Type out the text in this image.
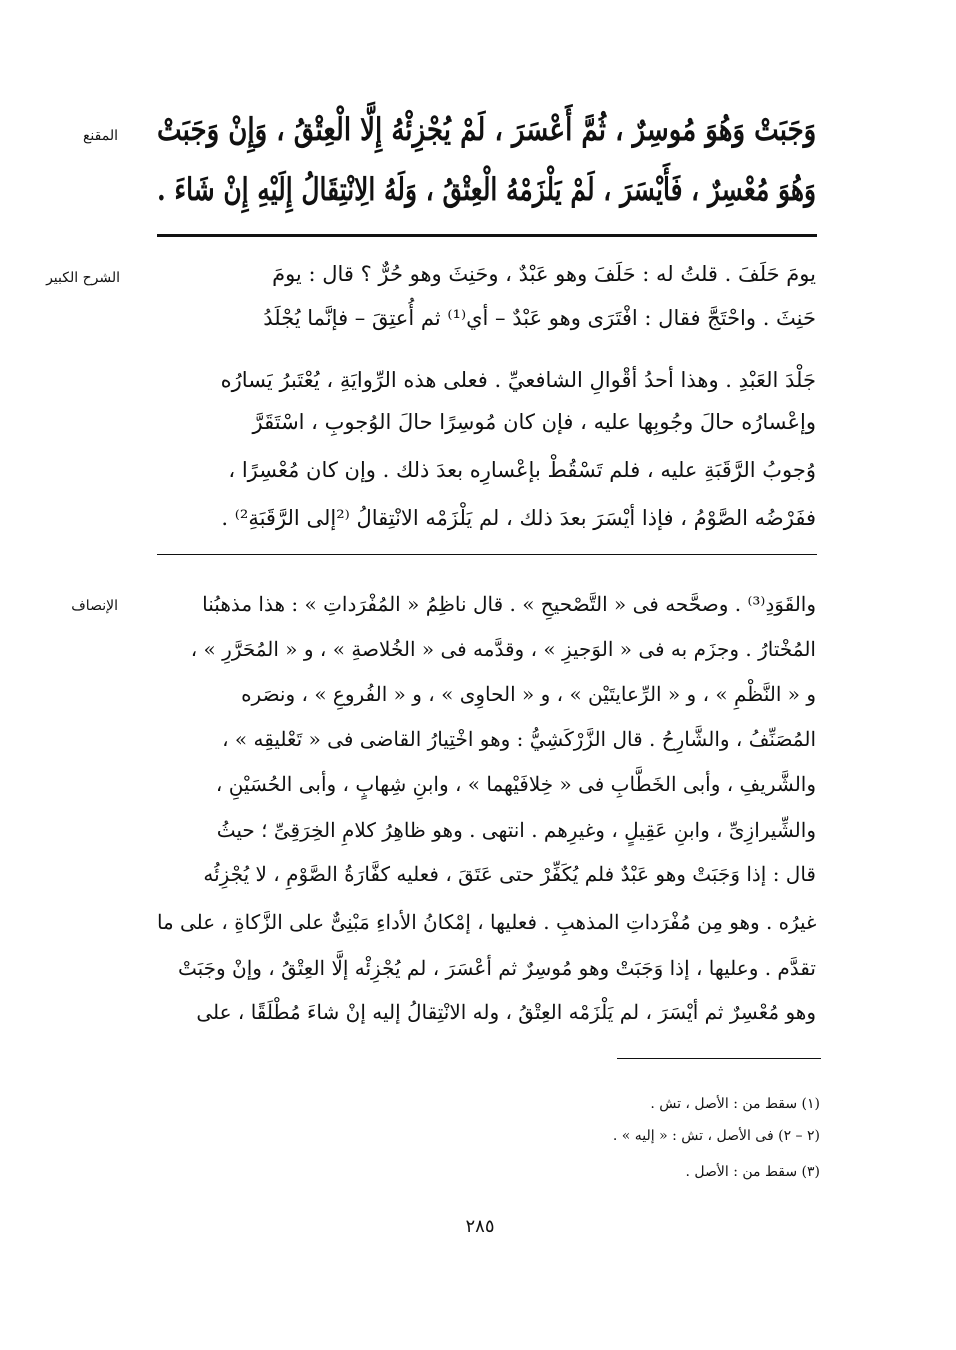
المقنع وَجَبَتْ وَهُوَ مُوسِرٌ ، ثُمَّ أَعْسَرَ ، لَمْ يُجْزِئْهُ إِلَّا الْعِتْقُ ، وَإِنْ وَجَبَتْ
وَهُوَ مُعْسِرٌ ، فَأَيْسَرَ ، لَمْ يَلْزَمْهُ الْعِتْقُ ، وَلَهُ الِانْتِقَالُ إِلَيْهِ إِنْ شَاءَ .
الشرح الكبير	يومَ حَلَفَ . قلتُ له : حَلَفَ وهو عَبْدٌ ، وحَنِثَ وهو حُرٌّ ؟ قال : يومَ
حَنِثَ . واحْتَجَّ فقال : افْتَرَى وهو عَبْدٌ – أي⁽¹⁾ ثم أُعتِقَ – فإنَّما يُجْلَدُ
جَلْدَ العَبْدِ . وهذا أحدُ أقْوالِ الشافعيِّ . فعلى هذه الرِّوايَةِ ، يُعْتَبرُ يَسارُه
وإعْسارُه حالَ وجُوبِها عليه ، فإن كان مُوسِرًا حالَ الوُجوبِ ، اسْتَقَرَّ
وُجوبُ الرَّقَبَةِ عليه ، فلم تَسْقُطْ بإعْسارِه بعدَ ذلك . وإن كان مُعْسِرًا ،
ففَرْضُه الصَّوْمُ ، فإذا أيْسَرَ بعدَ ذلك ، لم يَلْزَمْه الانْتِقالُ ⁽²إلى الرَّقَبَةِ²⁾ .
الإنصاف	والقَوَدِ⁽³⁾ . وصحَّحه فى « التَّصْحيحِ » . قال ناظِمُ « المُفْرَداتِ » : هذا مذهبُنا
المُخْتارُ . وجزَم به فى « الوَجيزِ » ، وقدَّمه فى « الخُلاصةِ » ، و « المُحَرَّرِ » ،
و « النَّظْمِ » ، و « الرِّعايتَيْن » ، و « الحاوِى » ، و « الفُروعِ » ، ونصَره
المُصَنِّفُ ، والشَّارِحُ . قال الزَّرْكَشِيُّ : وهو اخْتِيارُ القاضى فى « تَعْليقِه » ،
والشَّريفِ ، وأبى الخَطَّابِ فى « خِلافَيْهما » ، وابنِ شِهابٍ ، وأبى الحُسَيْنِ ،
والشِّيرازِىِّ ، وابنِ عَقِيلٍ ، وغيرِهم . انتهى . وهو ظاهِرُ كلامِ الخِرَقِىِّ ؛ حيثُ
قال : إذا وَجَبَتْ وهو عَبْدٌ فلم يُكَفِّرْ حتى عَتَقَ ، فعليه كفَّارَةُ الصَّوْمِ ، لا يُجْزِئُه
غيرُه . وهو مِن مُفْرَداتِ المذهبِ . فعليها ، إمْكانُ الأداءِ مَبْنِىٌّ على الزَّكاةِ ، على ما
تقدَّم . وعليها ، إذا وَجَبَتْ وهو مُوسِرٌ ثم أعْسَرَ ، لم يُجْزِئْه إلَّا العِتْقُ ، وإنْ وجَبَتْ
وهو مُعْسِرٌ ثم أيْسَرَ ، لم يَلْزَمْه العِتْقُ ، وله الانْتِقالُ إليه إنْ شاءَ مُطْلَقًا ، على
(١) سقط من : الأصل ، تش .
(٢ – ٢) فى الأصل ، تش : « إليه » .
(٣) سقط من : الأصل .
٢٨٥
